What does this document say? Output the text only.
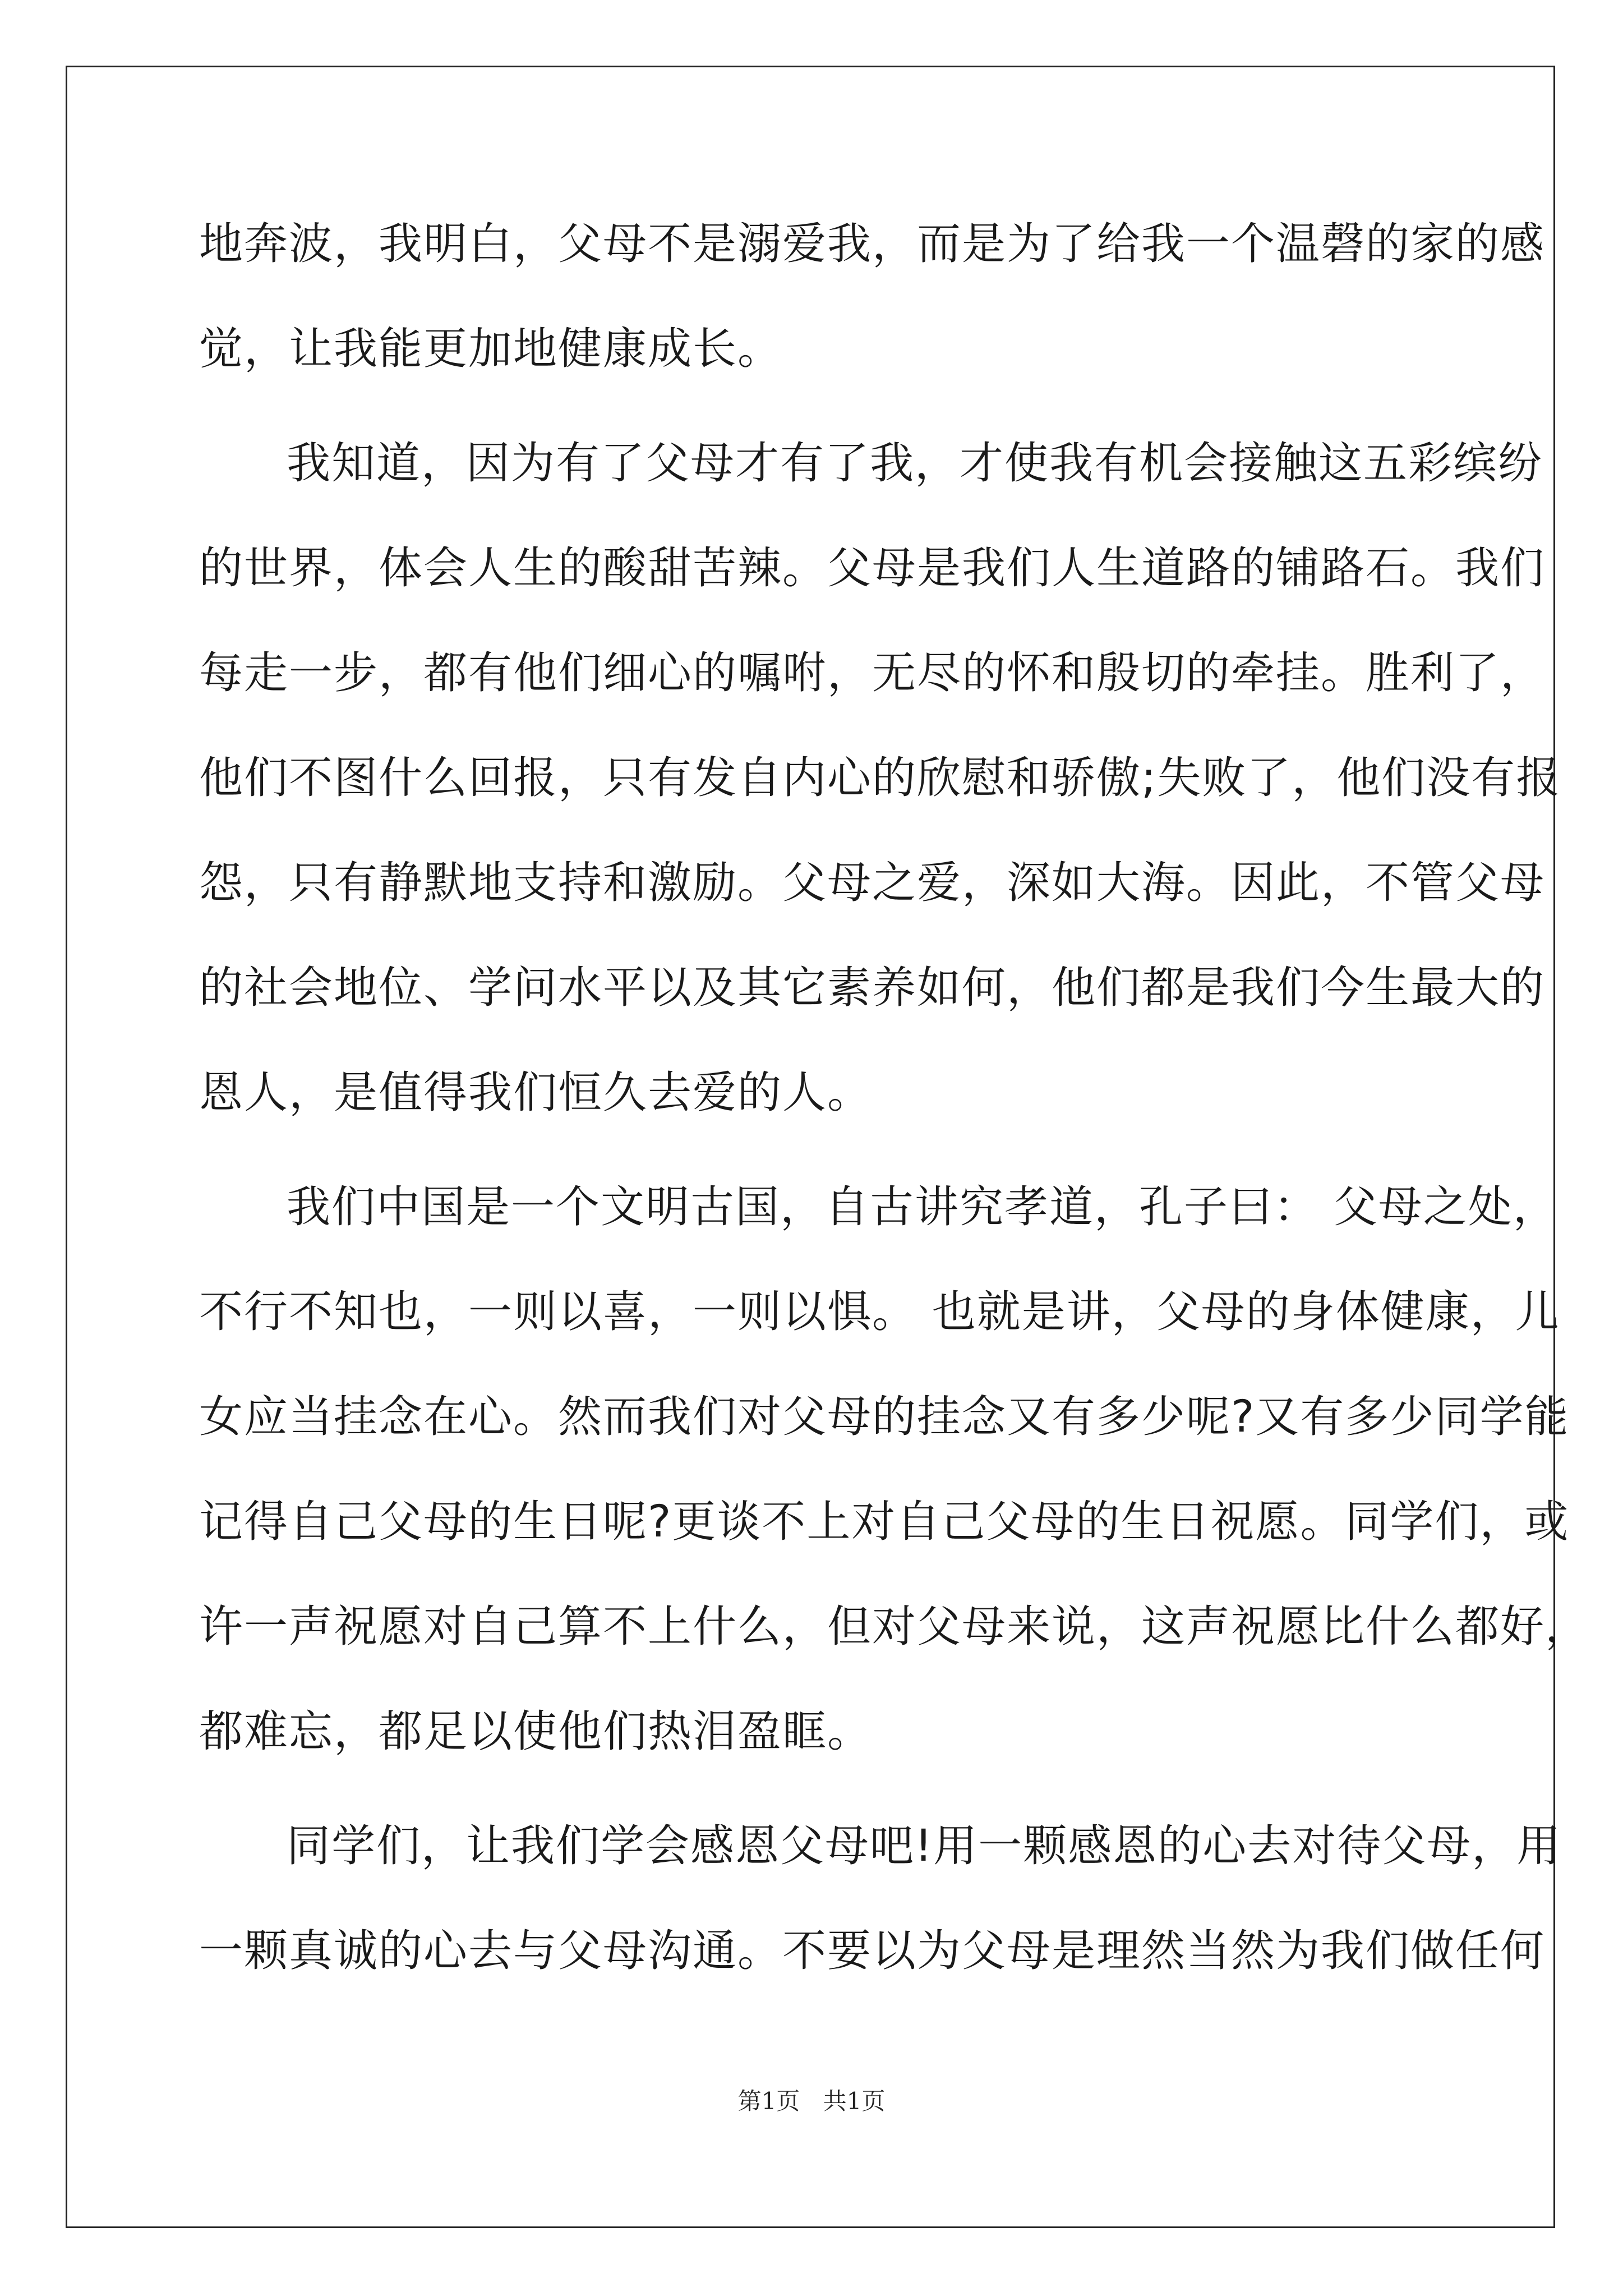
地奔波，我明白，父母不是溺爱我，而是为了给我一个温磬的家的感
觉，让我能更加地健康成长。
我知道，因为有了父母才有了我，才使我有机会接触这五彩缤纷
的世界，体会人生的酸甜苦辣。父母是我们人生道路的铺路石。我们
每走一步，都有他们细心的嘱咐，无尽的怀和殷切的牵挂。胜利了，
他们不图什么回报，只有发自内心的欣慰和骄傲;失败了，他们没有报
怨，只有静默地支持和激励。父母之爱，深如大海。因此，不管父母
的社会地位、学问水平以及其它素养如何，他们都是我们今生最大的
恩人，是值得我们恒久去爱的人。
我们中国是一个文明古国，自古讲究孝道，孔子曰： 父母之处，
不行不知也，一则以喜，一则以惧。 也就是讲，父母的身体健康，儿
女应当挂念在心。然而我们对父母的挂念又有多少呢?又有多少同学能
记得自己父母的生日呢?更谈不上对自己父母的生日祝愿。同学们，或
许一声祝愿对自己算不上什么，但对父母来说，这声祝愿比什么都好，
都难忘，都足以使他们热泪盈眶。
同学们，让我们学会感恩父母吧!用一颗感恩的心去对待父母，用
一颗真诚的心去与父母沟通。不要以为父母是理然当然为我们做任何
第1页 共1页
